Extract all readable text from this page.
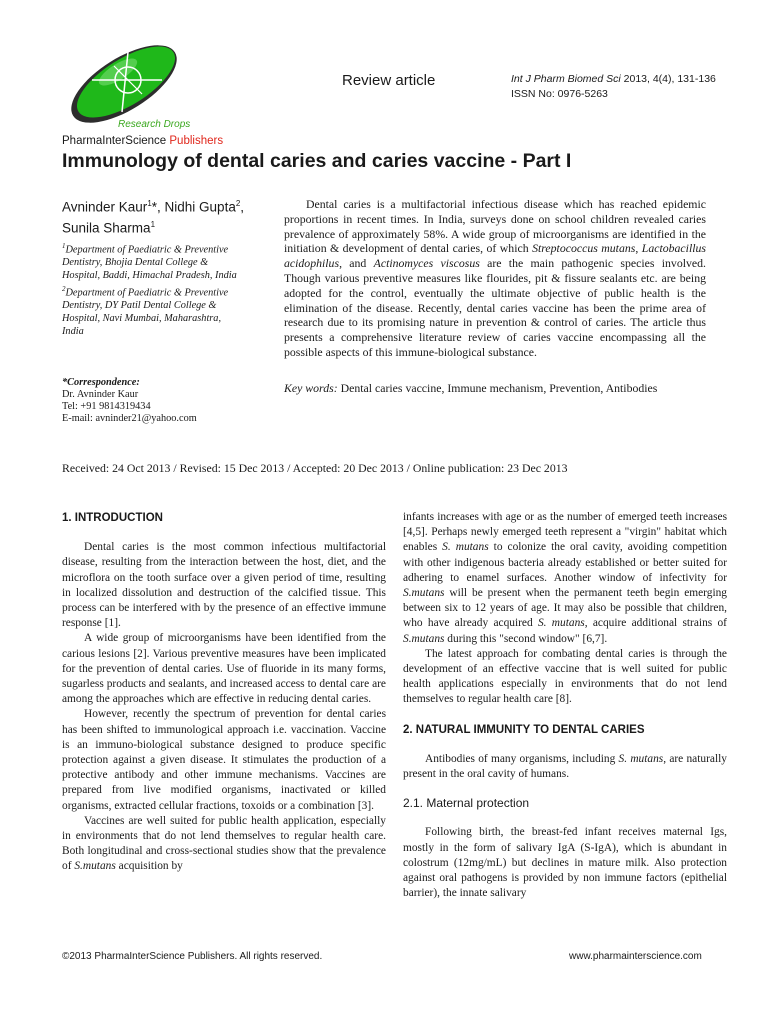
Research Drops
PharmaInterScience Publishers
Review article	Int J Pharm Biomed Sci 2013, 4(4), 131-136
ISSN No: 0976-5263
Immunology of dental caries and caries vaccine - Part I
Avninder Kaur$^1$*, Nidhi Gupta$^2$,
Sunila Sharma$^1$
$^1$Department of Paediatric & Preventive Dentistry, Bhojia Dental College & Hospital, Baddi, Himachal Pradesh, India
$^2$Department of Paediatric & Preventive Dentistry, DY Patil Dental College & Hospital, Navi Mumbai, Maharashtra, India
*Correspondence:
Dr. Avninder Kaur
Tel: +91 9814319434
E-mail: avninder21@yahoo.com

Dental caries is a multifactorial infectious disease which has reached epidemic proportions in recent times. In India, surveys done on school children revealed caries prevalence of approximately 58%. A wide group of microorganisms are identified in the initiation & development of dental caries, of which Streptococcus mutans, Lactobacillus acidophilus, and Actinomyces viscosus are the main pathogenic species involved. Though various preventive measures like flourides, pit & fissure sealants etc. are being adopted for the control, eventually the ultimate objective of public health is the elimination of the disease. Recently, dental caries vaccine has been the prime area of research due to its promising nature in prevention & control of caries. The article thus presents a comprehensive literature review of caries vaccine encompassing all the possible aspects of this immune-biological substance.

Key words: Dental caries vaccine, Immune mechanism, Prevention, Antibodies
Received: 24 Oct 2013 / Revised: 15 Dec 2013 / Accepted: 20 Dec 2013 / Online publication: 23 Dec 2013
1. INTRODUCTION

Dental caries is the most common infectious multifactorial disease, resulting from the interaction between the host, diet, and the microflora on the tooth surface over a given period of time, resulting in localized dissolution and destruction of the calcified tissue. This process can be interfered with by the presence of an effective immune response [1].

A wide group of microorganisms have been identified from the carious lesions [2]. Various preventive measures have been implicated for the prevention of dental caries. Use of fluoride in its many forms, sugarless products and sealants, and increased access to dental care are among the approaches which are effective in reducing dental caries.

However, recently the spectrum of prevention for dental caries has been shifted to immunological approach i.e. vaccination. Vaccine is an immuno-biological substance designed to produce specific protection against a given disease. It stimulates the production of a protective antibody and other immune mechanisms. Vaccines are prepared from live modified organisms, inactivated or killed organisms, extracted cellular fractions, toxoids or a combination [3].

Vaccines are well suited for public health application, especially in environments that do not lend themselves to regular health care. Both longitudinal and cross-sectional studies show that the prevalence of S.mutans acquisition by

infants increases with age or as the number of emerged teeth increases [4,5]. Perhaps newly emerged teeth represent a "virgin" habitat which enables S. mutans to colonize the oral cavity, avoiding competition with other indigenous bacteria already established or better suited for adhering to enamel surfaces. Another window of infectivity for S.mutans will be present when the permanent teeth begin emerging between six to 12 years of age. It may also be possible that children, who have already acquired S. mutans, acquire additional strains of S.mutans during this "second window" [6,7].

The latest approach for combating dental caries is through the development of an effective vaccine that is well suited for public health applications especially in environments that do not lend themselves to regular health care [8].

2. NATURAL IMMUNITY TO DENTAL CARIES

Antibodies of many organisms, including S. mutans, are naturally present in the oral cavity of humans.

2.1. Maternal protection

Following birth, the breast-fed infant receives maternal Igs, mostly in the form of salivary IgA (S-IgA), which is abundant in colostrum (12mg/mL) but declines in mature milk. Also protection against oral pathogens is provided by non immune factors (epithelial barrier), the innate salivary

©2013 PharmaInterScience Publishers. All rights reserved.	www.pharmainterscience.com
